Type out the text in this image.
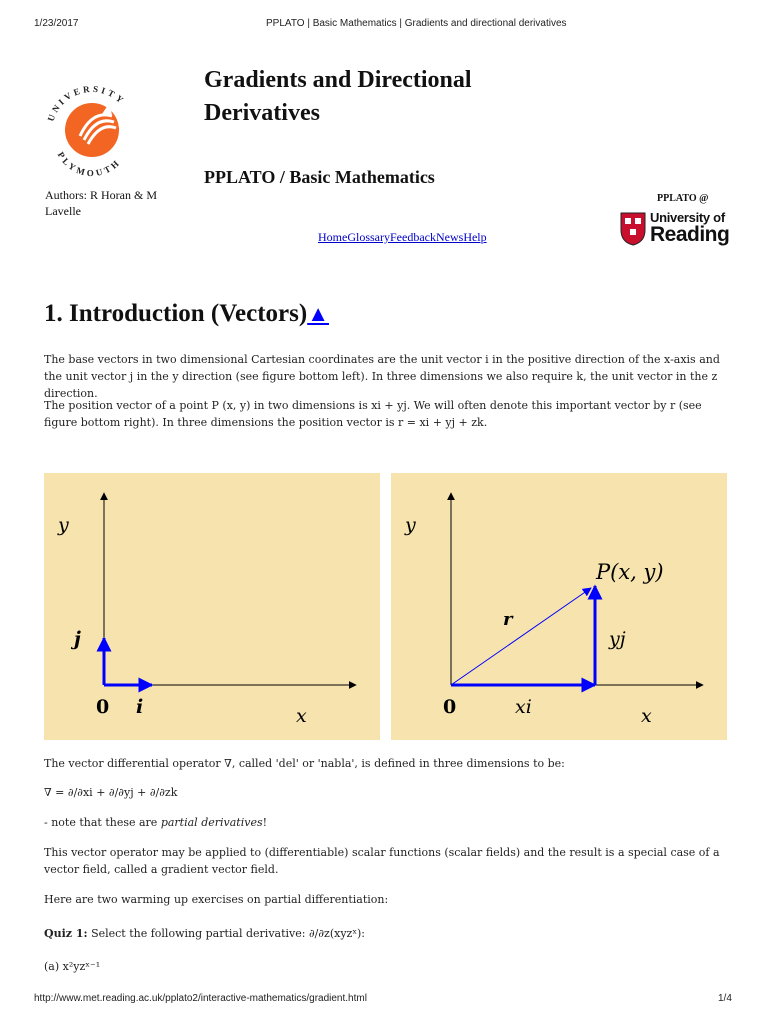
1/23/2017	PPLATO | Basic Mathematics | Gradients and directional derivatives
UNIVERSITY
PLYMOUTH
Authors: R Horan & M Lavelle
Gradients and Directional Derivatives
PPLATO / Basic Mathematics
HomeGlossaryFeedbackNewsHelp
PPLATO @
University of
Reading
1. Introduction (Vectors)▲

The base vectors in two dimensional Cartesian coordinates are the unit vector i in the positive direction of the x-axis and the unit vector j in the y direction (see figure bottom left). In three dimensions we also require k, the unit vector in the z direction.

The position vector of a point P (x, y) in two dimensions is xi + yj. We will often denote this important vector by r (see figure bottom right). In three dimensions the position vector is r = xi + yj + zk.

y
x
0 i
j
y
x
0
P(x, y)
r
yj
xi

The vector differential operator ∇, called 'del' or 'nabla', is defined in three dimensions to be:

∇ = ∂/∂xi + ∂/∂yj + ∂/∂zk

- note that these are partial derivatives!

This vector operator may be applied to (differentiable) scalar functions (scalar fields) and the result is a special case of a vector field, called a gradient vector field.

Here are two warming up exercises on partial differentiation:

Quiz 1: Select the following partial derivative: ∂/∂z(xyzˣ):

(a) x²yzˣ⁻¹

http://www.met.reading.ac.uk/pplato2/interactive-mathematics/gradient.html	1/4
